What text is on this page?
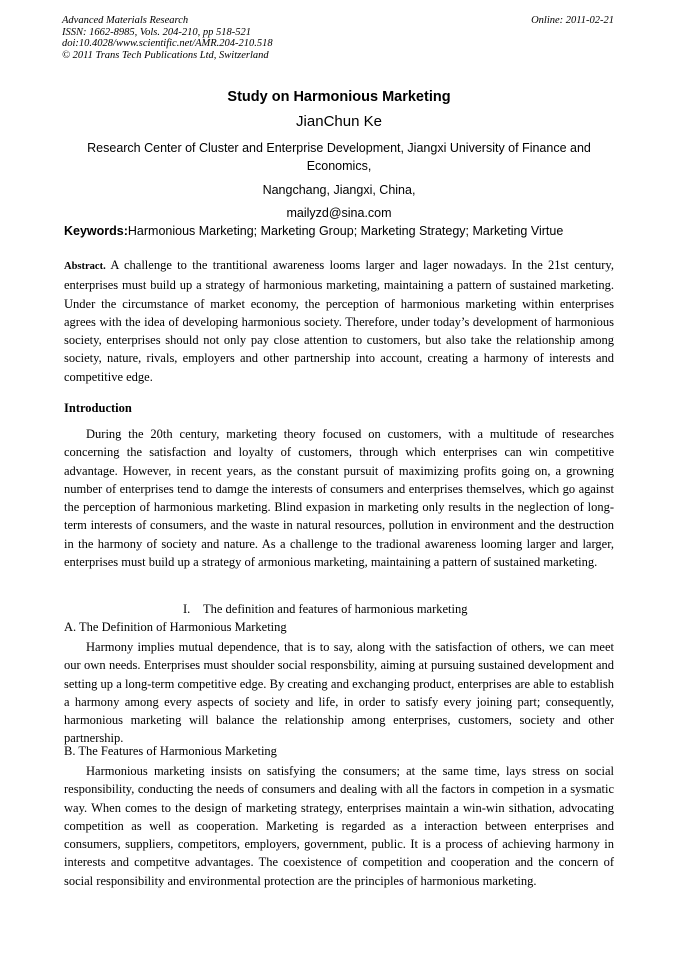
Advanced Materials Research
ISSN: 1662-8985, Vols. 204-210, pp 518-521
doi:10.4028/www.scientific.net/AMR.204-210.518
© 2011 Trans Tech Publications Ltd, Switzerland
Online: 2011-02-21
Study on Harmonious Marketing
JianChun Ke
Research Center of Cluster and Enterprise Development, Jiangxi University of Finance and Economics,
Nangchang, Jiangxi, China,
mailyzd@sina.com
Keywords:Harmonious Marketing; Marketing Group; Marketing Strategy; Marketing Virtue
Abstract. A challenge to the trantitional awareness looms larger and lager nowadays. In the 21st century, enterprises must build up a strategy of harmonious marketing, maintaining a pattern of sustained marketing. Under the circumstance of market economy, the perception of harmonious marketing within enterprises agrees with the idea of developing harmonious society. Therefore, under today’s development of harmonious society, enterprises should not only pay close attention to customers, but also take the relationship among society, nature, rivals, employers and other partnership into account, creating a harmony of interests and competitive edge.
Introduction
During the 20th century, marketing theory focused on customers, with a multitude of researches concerning the satisfaction and loyalty of customers, through which enterprises can win competitive advantage. However, in recent years, as the constant pursuit of maximizing profits going on, a growning number of enterprises tend to damge the interests of consumers and enterprises themselves, which go against the perception of harmonious marketing. Blind expasion in marketing only results in the neglection of long-term interests of consumers, and the waste in natural resources, pollution in environment and the destruction in the harmony of society and nature. As a challenge to the tradional awareness looming larger and larger, enterprises must build up a strategy of armonious marketing, maintaining a pattern of sustained marketing.
I. The definition and features of harmonious marketing
A. The Definition of Harmonious Marketing
Harmony implies mutual dependence, that is to say, along with the satisfaction of others, we can meet our own needs. Enterprises must shoulder social responsbility, aiming at pursuing sustained development and setting up a long-term competitive edge. By creating and exchanging product, enterprises are able to establish a harmony among every aspects of society and life, in order to satisfy every joining part; consequently, harmonious marketing will balance the relationship among enterprises, customers, society and other partnership.
B. The Features of Harmonious Marketing
Harmonious marketing insists on satisfying the consumers; at the same time, lays stress on social responsibility, conducting the needs of consumers and dealing with all the factors in competion in a sysmatic way. When comes to the design of marketing strategy, enterprises maintain a win-win sithation, advocating competition as well as cooperation. Marketing is regarded as a interaction between enterprises and consumers, suppliers, competitors, employers, government, public. It is a process of achieving harmony in interests and competitve advantages. The coexistence of competition and cooperation and the concern of social responsibility and environmental protection are the principles of harmonious marketing.
